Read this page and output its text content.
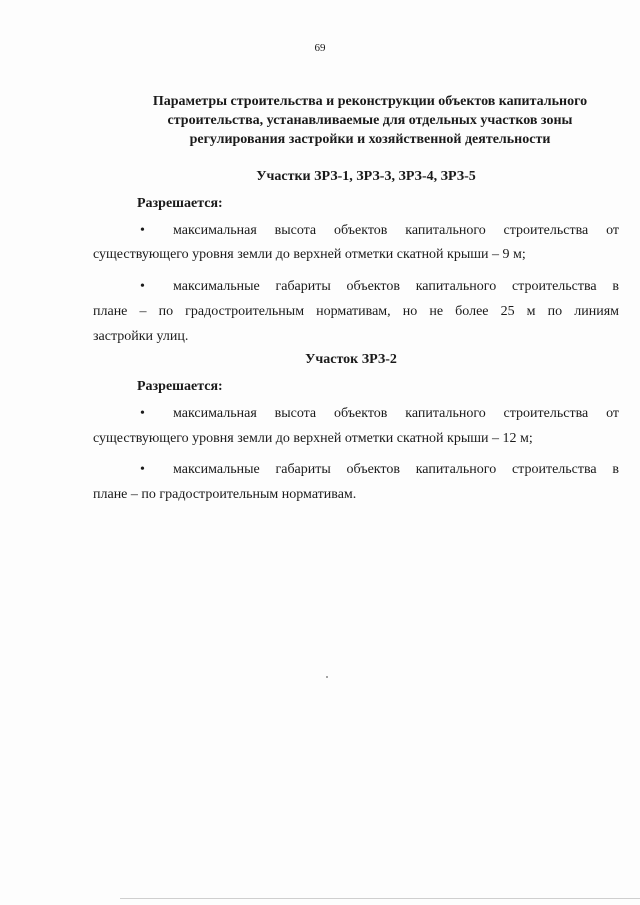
69
Параметры строительства и реконструкции объектов капитального
строительства, устанавливаемые для отдельных участков зоны
регулирования застройки и хозяйственной деятельности
Участки ЗРЗ-1, ЗРЗ-3, ЗРЗ-4, ЗРЗ-5
Разрешается:
• максимальная высота объектов капитального строительства от
существующего уровня земли до верхней отметки скатной крыши – 9 м;
• максимальные габариты объектов капитального строительства в
плане – по градостроительным нормативам, но не более 25 м по линиям
застройки улиц.
Участок ЗРЗ-2
Разрешается:
• максимальная высота объектов капитального строительства от
существующего уровня земли до верхней отметки скатной крыши – 12 м;
• максимальные габариты объектов капитального строительства в
плане – по градостроительным нормативам.
